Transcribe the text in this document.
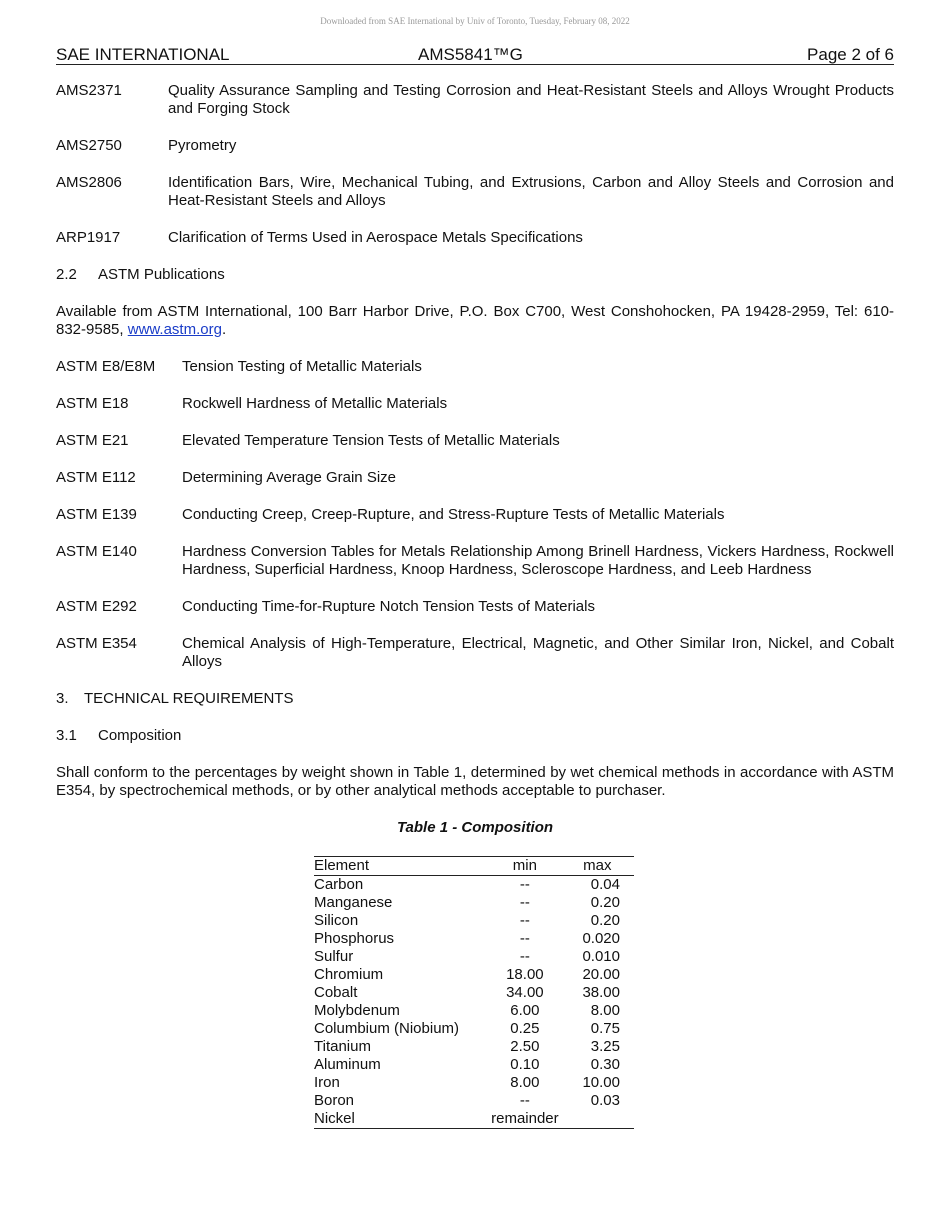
Downloaded from SAE International by Univ of Toronto, Tuesday, February 08, 2022
SAE INTERNATIONAL	AMS5841™G	Page 2 of 6
AMS2371	Quality Assurance Sampling and Testing Corrosion and Heat-Resistant Steels and Alloys Wrought Products and Forging Stock
AMS2750	Pyrometry
AMS2806	Identification Bars, Wire, Mechanical Tubing, and Extrusions, Carbon and Alloy Steels and Corrosion and Heat-Resistant Steels and Alloys
ARP1917	Clarification of Terms Used in Aerospace Metals Specifications
2.2 ASTM Publications
Available from ASTM International, 100 Barr Harbor Drive, P.O. Box C700, West Conshohocken, PA 19428-2959, Tel: 610-832-9585, www.astm.org.
ASTM E8/E8M	Tension Testing of Metallic Materials
ASTM E18	Rockwell Hardness of Metallic Materials
ASTM E21	Elevated Temperature Tension Tests of Metallic Materials
ASTM E112	Determining Average Grain Size
ASTM E139	Conducting Creep, Creep-Rupture, and Stress-Rupture Tests of Metallic Materials
ASTM E140	Hardness Conversion Tables for Metals Relationship Among Brinell Hardness, Vickers Hardness, Rockwell Hardness, Superficial Hardness, Knoop Hardness, Scleroscope Hardness, and Leeb Hardness
ASTM E292	Conducting Time-for-Rupture Notch Tension Tests of Materials
ASTM E354	Chemical Analysis of High-Temperature, Electrical, Magnetic, and Other Similar Iron, Nickel, and Cobalt Alloys
3. TECHNICAL REQUIREMENTS
3.1 Composition
Shall conform to the percentages by weight shown in Table 1, determined by wet chemical methods in accordance with ASTM E354, by spectrochemical methods, or by other analytical methods acceptable to purchaser.
Table 1 - Composition
Element	min	max
Carbon	--	0.04
Manganese	--	0.20
Silicon	--	0.20
Phosphorus	--	0.020
Sulfur	--	0.010
Chromium	18.00	20.00
Cobalt	34.00	38.00
Molybdenum	6.00	8.00
Columbium (Niobium)	0.25	0.75
Titanium	2.50	3.25
Aluminum	0.10	0.30
Iron	8.00	10.00
Boron	--	0.03
Nickel	remainder	
